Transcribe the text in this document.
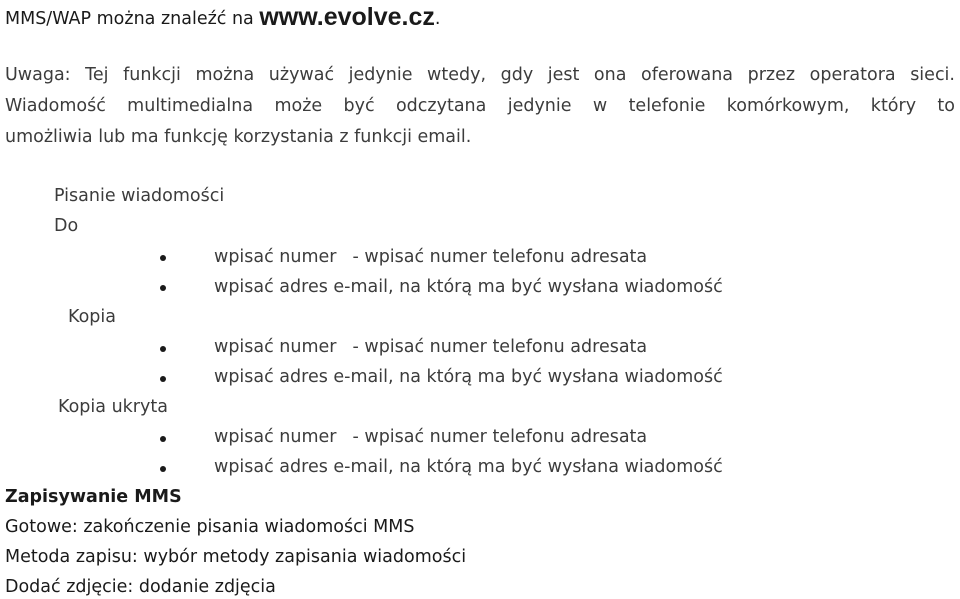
MMS/WAP można znaleźć na www.evolve.cz.
Uwaga: Tej funkcji można używać jedynie wtedy, gdy jest ona oferowana przez operatora sieci.
Wiadomość multimedialna może być odczytana jedynie w telefonie komórkowym, który to
umożliwia lub ma funkcję korzystania z funkcji email.
Pisanie wiadomości
Do
wpisać numer - wpisać numer telefonu adresata
wpisać adres e-mail, na którą ma być wysłana wiadomość
Kopia
wpisać numer - wpisać numer telefonu adresata
wpisać adres e-mail, na którą ma być wysłana wiadomość
Kopia ukryta
wpisać numer - wpisać numer telefonu adresata
wpisać adres e-mail, na którą ma być wysłana wiadomość
Zapisywanie MMS
Gotowe: zakończenie pisania wiadomości MMS
Metoda zapisu: wybór metody zapisania wiadomości
Dodać zdjęcie: dodanie zdjęcia
